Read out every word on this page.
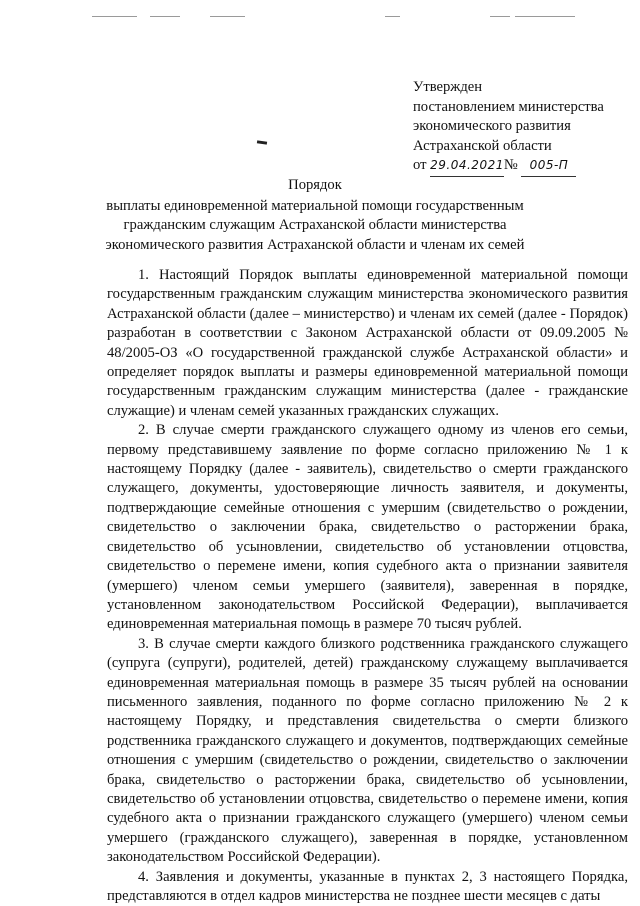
Утвержден
постановлением министерства
экономического развития
Астраханской области
от 29.04.2021№ 005-П
Порядок
выплаты единовременной материальной помощи государственным гражданским служащим Астраханской области министерства экономического развития Астраханской области и членам их семей

1. Настоящий Порядок выплаты единовременной материальной помощи государственным гражданским служащим министерства экономического развития Астраханской области (далее – министерство) и членам их семей (далее - Порядок) разработан в соответствии с Законом Астраханской области от 09.09.2005 № 48/2005-ОЗ «О государственной гражданской службе Астраханской области» и определяет порядок выплаты и размеры единовременной материальной помощи государственным гражданским служащим министерства (далее - гражданские служащие) и членам семей указанных гражданских служащих.

2. В случае смерти гражданского служащего одному из членов его семьи, первому представившему заявление по форме согласно приложению № 1 к настоящему Порядку (далее - заявитель), свидетельство о смерти гражданского служащего, документы, удостоверяющие личность заявителя, и документы, подтверждающие семейные отношения с умершим (свидетельство о рождении, свидетельство о заключении брака, свидетельство о расторжении брака, свидетельство об усыновлении, свидетельство об установлении отцовства, свидетельство о перемене имени, копия судебного акта о признании заявителя (умершего) членом семьи умершего (заявителя), заверенная в порядке, установленном законодательством Российской Федерации), выплачивается единовременная материальная помощь в размере 70 тысяч рублей.

3. В случае смерти каждого близкого родственника гражданского служащего (супруга (супруги), родителей, детей) гражданскому служащему выплачивается единовременная материальная помощь в размере 35 тысяч рублей на основании письменного заявления, поданного по форме согласно приложению № 2 к настоящему Порядку, и представления свидетельства о смерти близкого родственника гражданского служащего и документов, подтверждающих семейные отношения с умершим (свидетельство о рождении, свидетельство о заключении брака, свидетельство о расторжении брака, свидетельство об усыновлении, свидетельство об установлении отцовства, свидетельство о перемене имени, копия судебного акта о признании гражданского служащего (умершего) членом семьи умершего (гражданского служащего), заверенная в порядке, установленном законодательством Российской Федерации).

4. Заявления и документы, указанные в пунктах 2, 3 настоящего Порядка, представляются в отдел кадров министерства не позднее шести месяцев с даты
